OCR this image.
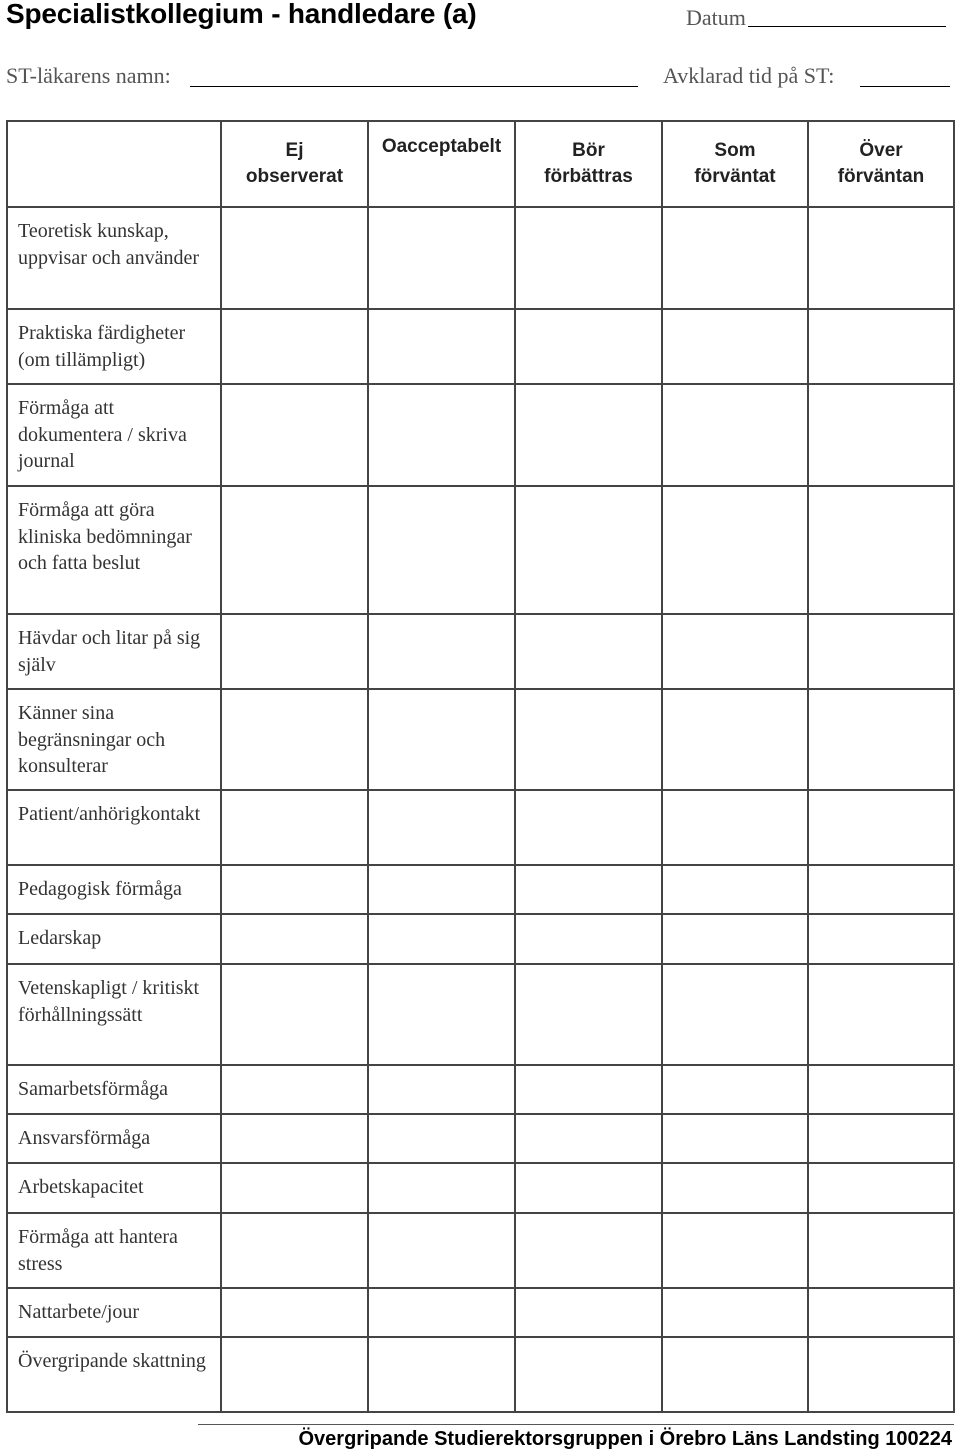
Specialistkollegium - handledare (a)	Datum
ST-läkarens namn:	Avklarad tid på ST:
	Ej observerat	Oacceptabelt	Bör förbättras	Som förväntat	Över förväntan
Teoretisk kunskap, uppvisar och använder					
Praktiska färdigheter (om tillämpligt)					
Förmåga att dokumentera / skriva journal					
Förmåga att göra kliniska bedömningar och fatta beslut					
Hävdar och litar på sig själv					
Känner sina begränsningar och konsulterar					
Patient/anhörigkontakt					
Pedagogisk förmåga					
Ledarskap					
Vetenskapligt / kritiskt förhållningssätt					
Samarbetsförmåga					
Ansvarsförmåga					
Arbetskapacitet					
Förmåga att hantera stress					
Nattarbete/jour					
Övergripande skattning					
Övergripande Studierektorsgruppen i Örebro Läns Landsting 100224
